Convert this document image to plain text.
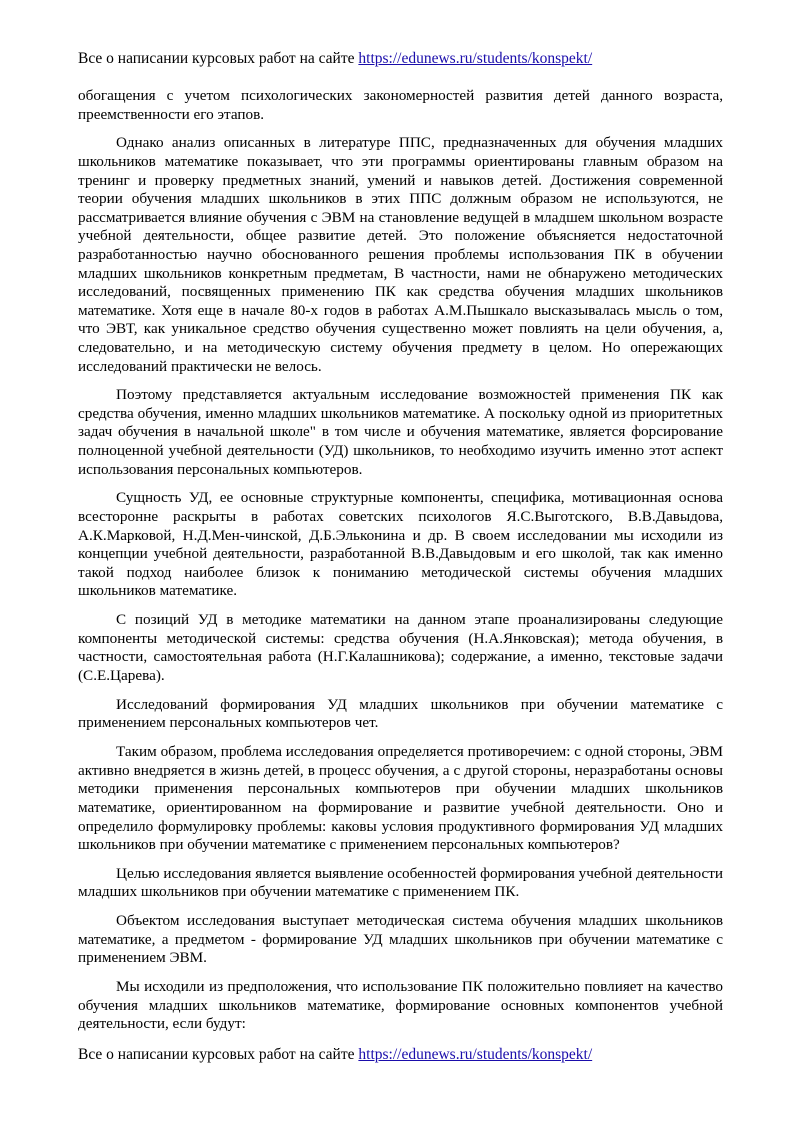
Все о написании курсовых работ на сайте https://edunews.ru/students/konspekt/

обогащения с учетом психологических закономерностей развития детей данного возраста, преемственности его этапов.

Однако анализ описанных в литературе ППС, предназначенных для обучения младших школьников математике показывает, что эти программы ориентированы главным образом на тренинг и проверку предметных знаний, умений и навыков детей. Достижения современной теории обучения младших школьников в этих ППС должным образом не используются, не рассматривается влияние обучения с ЭВМ на становление ведущей в младшем школьном возрасте учебной деятельности, общее развитие детей. Это положение объясняется недостаточной разработанностью научно обоснованного решения проблемы использования ПК в обучении младших школьников конкретным предметам, В частности, нами не обнаружено методических исследований, посвященных применению ПК как средства обучения младших школьников математике. Хотя еще в начале 80-х годов в работах А.М.Пышкало высказывалась мысль о том, что ЭВТ, как уникальное средство обучения существенно может повлиять на цели обучения, а, следовательно, и на методическую систему обучения предмету в целом. Но опережающих исследований практически не велось.

Поэтому представляется актуальным исследование возможностей применения ПК как средства обучения, именно младших школьников математике. А поскольку одной из приоритетных задач обучения в начальной школе" в том числе и обучения математике, является форсирование полноценной учебной деятельности (УД) школьников, то необходимо изучить именно этот аспект использования персональных компьютеров.

Сущность УД, ее основные структурные компоненты, специфика, мотивационная основа всесторонне раскрыты в работах советских психологов Я.С.Выготского, В.В.Давыдова, А.К.Марковой, Н.Д.Мен-чинской, Д.Б.Эльконина и др. В своем исследовании мы исходили из концепции учебной деятельности, разработанной В.В.Давыдовым и его школой, так как именно такой подход наиболее близок к пониманию методической системы обучения младших школьников математике.

С позиций УД в методике математики на данном этапе проанализированы следующие компоненты методической системы: средства обучения (Н.А.Янковская); метода обучения, в частности, самостоятельная работа (Н.Г.Калашникова); содержание, а именно, текстовые задачи (С.Е.Царева).

Исследований формирования УД младших школьников при обучении математике с применением персональных компьютеров чет.

Таким образом, проблема исследования определяется противоречием: с одной стороны, ЭВМ активно внедряется в жизнь детей, в процесс обучения, а с другой стороны, неразработаны основы методики применения персональных компьютеров при обучении младших школьников математике, ориентированном на формирование и развитие учебной деятельности. Оно и определило формулировку проблемы: каковы условия продуктивного формирования УД младших школьников при обучении математике с применением персональных компьютеров?

Целью исследования является выявление особенностей формирования учебной деятельности младших школьников при обучении математике с применением ПК.

Объектом исследования выступает методическая система обучения младших школьников математике, а предметом - формирование УД младших школьников при обучении математике с применением ЭВМ.

Мы исходили из предположения, что использование ПК положительно повлияет на качество обучения младших школьников математике, формирование основных компонентов учебной деятельности, если будут:

Все о написании курсовых работ на сайте https://edunews.ru/students/konspekt/
